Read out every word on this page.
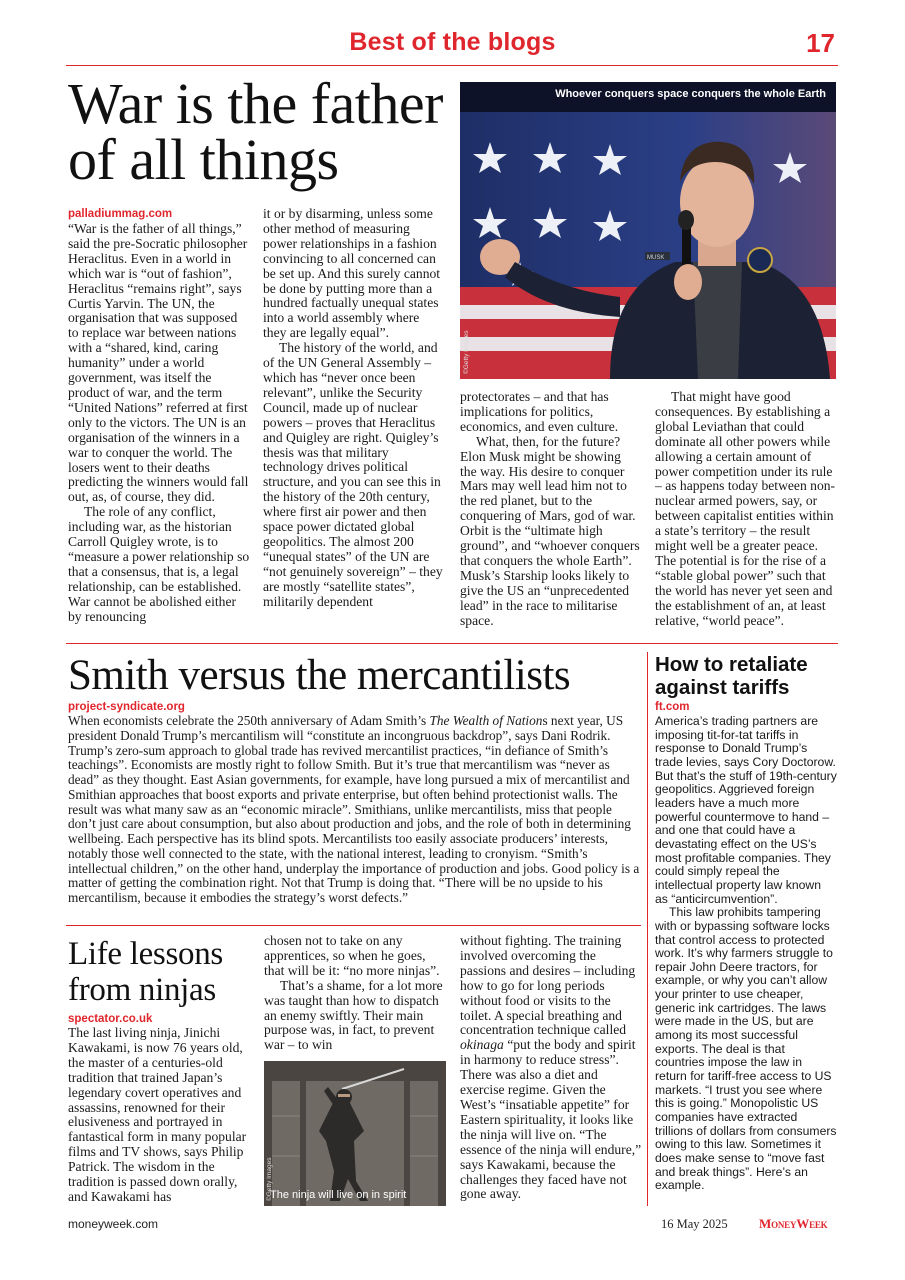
Best of the blogs	17
War is the father
of all things
palladiummag.com

“War is the father of all things,” said the pre-Socratic philosopher Heraclitus. Even in a world in which war is “out of fashion”, Heraclitus “remains right”, says Curtis Yarvin. The UN, the organisation that was supposed to replace war between nations with a “shared, kind, caring humanity” under a world government, was itself the product of war, and the term “United Nations” referred at first only to the victors. The UN is an organisation of the winners in a war to conquer the world. The losers went to their deaths predicting the winners would fall out, as, of course, they did.

The role of any conflict, including war, as the historian Carroll Quigley wrote, is to “measure a power relationship so that a consensus, that is, a legal relationship, can be established. War cannot be abolished either by renouncing

it or by disarming, unless some other method of measuring power relationships in a fashion convincing to all concerned can be set up. And this surely cannot be done by putting more than a hundred factually unequal states into a world assembly where they are legally equal”.

The history of the world, and of the UN General Assembly – which has “never once been relevant”, unlike the Security Council, made up of nuclear powers – proves that Heraclitus and Quigley are right. Quigley’s thesis was that military technology drives political structure, and you can see this in the history of the 20th century, where first air power and then space power dictated global geopolitics. The almost 200 “unequal states” of the UN are “not genuinely sovereign” – they are mostly “satellite states”, militarily dependent

MUSK
Whoever conquers space conquers the whole Earth
©Getty Images

protectorates – and that has implications for politics, economics, and even culture.

What, then, for the future? Elon Musk might be showing the way. His desire to conquer Mars may well lead him not to the red planet, but to the conquering of Mars, god of war. Orbit is the “ultimate high ground”, and “whoever conquers that conquers the whole Earth”. Musk’s Starship looks likely to give the US an “unprecedented lead” in the race to militarise space.

That might have good consequences. By establishing a global Leviathan that could dominate all other powers while allowing a certain amount of power competition under its rule – as happens today between non-nuclear armed powers, say, or between capitalist entities within a state’s territory – the result might well be a greater peace. The potential is for the rise of a “stable global power” such that the world has never yet seen and the establishment of an, at least relative, “world peace”.

Smith versus the mercantilists
project-syndicate.org
When economists celebrate the 250th anniversary of Adam Smith’s The Wealth of Nations next year, US president Donald Trump’s mercantilism will “constitute an incongruous backdrop”, says Dani Rodrik. Trump’s zero-sum approach to global trade has revived mercantilist practices, “in defiance of Smith’s teachings”. Economists are mostly right to follow Smith. But it’s true that mercantilism was “never as dead” as they thought. East Asian governments, for example, have long pursued a mix of mercantilist and Smithian approaches that boost exports and private enterprise, but often behind protectionist walls. The result was what many saw as an “economic miracle”. Smithians, unlike mercantilists, miss that people don’t just care about consumption, but also about production and jobs, and the role of both in determining wellbeing. Each perspective has its blind spots. Mercantilists too easily associate producers’ interests, notably those well connected to the state, with the national interest, leading to cronyism. “Smith’s intellectual children,” on the other hand, underplay the importance of production and jobs. Good policy is a matter of getting the combination right. Not that Trump is doing that. “There will be no upside to his mercantilism, because it embodies the strategy’s worst defects.”
How to retaliate
against tariffs
ft.com

America’s trading partners are imposing tit-for-tat tariffs in response to Donald Trump’s trade levies, says Cory Doctorow. But that’s the stuff of 19th-century geopolitics. Aggrieved foreign leaders have a much more powerful countermove to hand – and one that could have a devastating effect on the US’s most profitable companies. They could simply repeal the intellectual property law known as “anticircumvention”.

This law prohibits tampering with or bypassing software locks that control access to protected work. It’s why farmers struggle to repair John Deere tractors, for example, or why you can’t allow your printer to use cheaper, generic ink cartridges. The laws were made in the US, but are among its most successful exports. The deal is that countries impose the law in return for tariff-free access to US markets. “I trust you see where this is going.” Monopolistic US companies have extracted trillions of dollars from consumers owing to this law. Sometimes it does make sense to “move fast and break things”. Here’s an example.

Life lessons
from ninjas
spectator.co.uk

The last living ninja, Jinichi Kawakami, is now 76 years old, the master of a centuries-old tradition that trained Japan’s legendary covert operatives and assassins, renowned for their elusiveness and portrayed in fantastical form in many popular films and TV shows, says Philip Patrick. The wisdom in the tradition is passed down orally, and Kawakami has

chosen not to take on any apprentices, so when he goes, that will be it: “no more ninjas”.

That’s a shame, for a lot more was taught than how to dispatch an enemy swiftly. Their main purpose was, in fact, to prevent war – to win

The ninja will live on in spirit
©Getty Images
without fighting. The training involved overcoming the passions and desires – including how to go for long periods without food or visits to the toilet. A special breathing and concentration technique called okinaga “put the body and spirit in harmony to reduce stress”. There was also a diet and exercise regime. Given the West’s “insatiable appetite” for Eastern spirituality, it looks like the ninja will live on. “The essence of the ninja will endure,” says Kawakami, because the challenges they faced have not gone away.
moneyweek.com	16 May 2025 MoneyWeek
